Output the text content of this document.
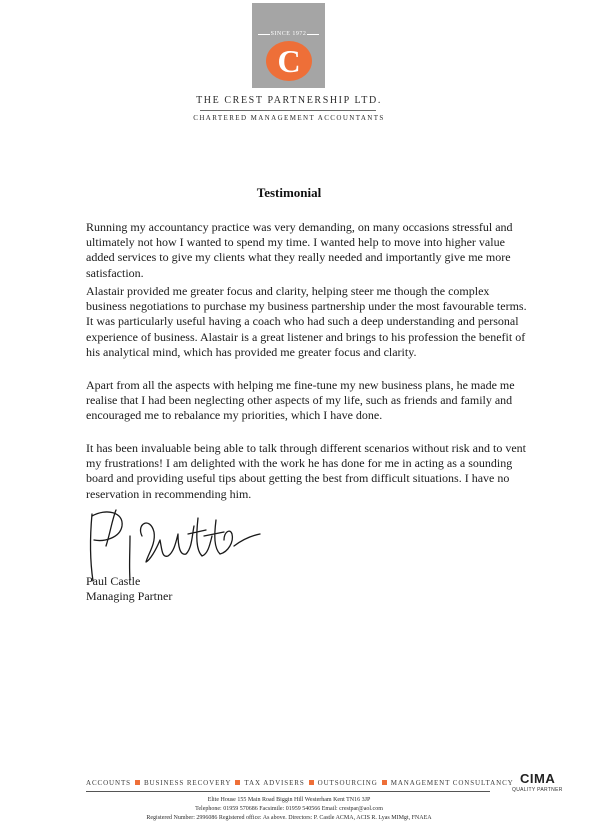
SINCE 1972
C
THE CREST PARTNERSHIP LTD.
CHARTERED MANAGEMENT ACCOUNTANTS
Testimonial

Running my accountancy practice was very demanding, on many occasions stressful and ultimately not how I wanted to spend my time. I wanted help to move into higher value added services to give my clients what they really needed and importantly give me more satisfaction.

Alastair provided me greater focus and clarity, helping steer me though the complex business negotiations to purchase my business partnership under the most favourable terms. It was particularly useful having a coach who had such a deep understanding and personal experience of business. Alastair is a great listener and brings to his profession the benefit of his analytical mind, which has provided me greater focus and clarity.

Apart from all the aspects with helping me fine-tune my new business plans, he made me realise that I had been neglecting other aspects of my life, such as friends and family and encouraged me to rebalance my priorities, which I have done.

It has been invaluable being able to talk through different scenarios without risk and to vent my frustrations! I am delighted with the work he has done for me in acting as a sounding board and providing useful tips about getting the best from difficult situations. I have no reservation in recommending him.

Paul Castle
Managing Partner
ACCOUNTS BUSINESS RECOVERY TAX ADVISERS OUTSOURCING MANAGEMENT CONSULTANCY CIMA
QUALITY PARTNER
Elite House 155 Main Road Biggin Hill Westerham Kent TN16 3JP
Telephone: 01959 570686 Facsimile: 01959 540566 Email: crestpar@aol.com
Registered Number: 2996086 Registered office: As above. Directors: P. Castle ACMA, ACIS R. Lyas MIMgt, FNAEA
